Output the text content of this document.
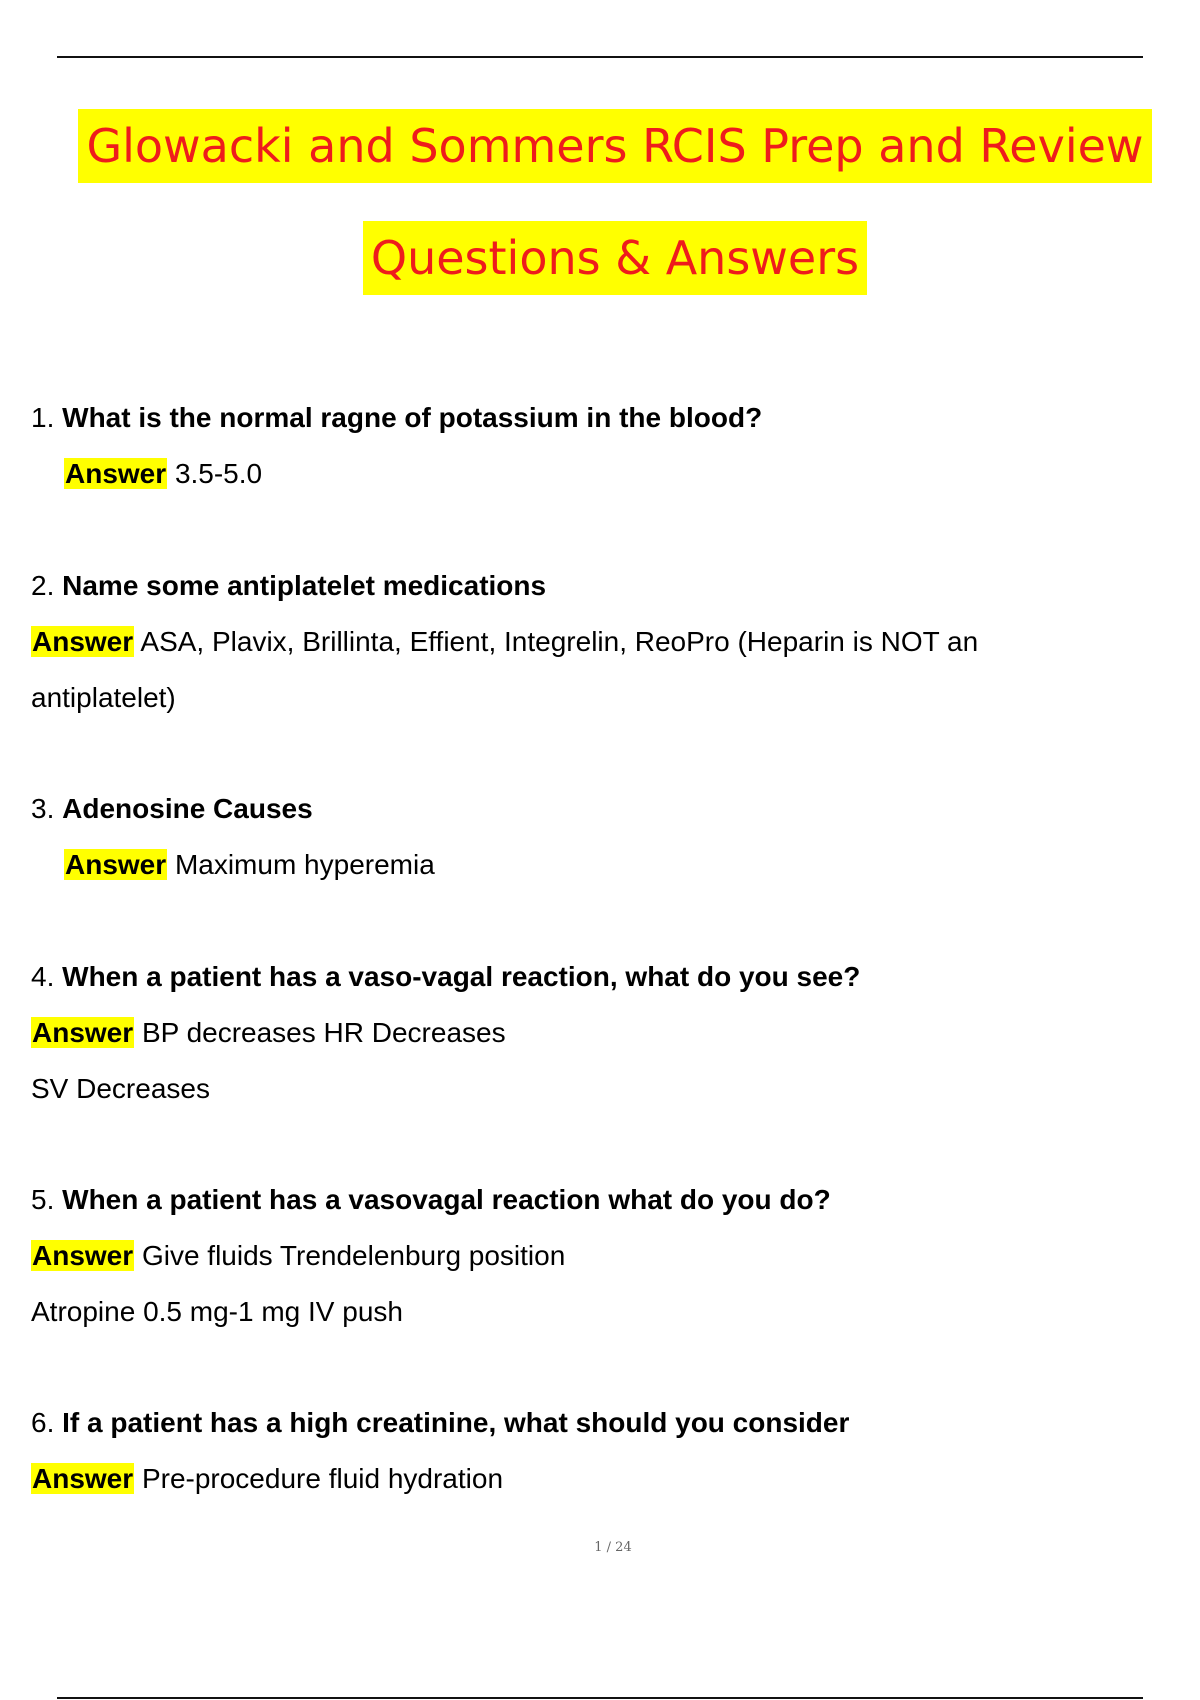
Glowacki and Sommers RCIS Prep and Review
Questions & Answers
1. What is the normal ragne of potassium in the blood?
Answer 3.5-5.0
2. Name some antiplatelet medications
Answer ASA, Plavix, Brillinta, Effient, Integrelin, ReoPro (Heparin is NOT an
antiplatelet)
3. Adenosine Causes
Answer Maximum hyperemia
4. When a patient has a vaso-vagal reaction, what do you see?
Answer BP decreases HR Decreases
SV Decreases
5. When a patient has a vasovagal reaction what do you do?
Answer Give fluids Trendelenburg position
Atropine 0.5 mg-1 mg IV push
6. If a patient has a high creatinine, what should you consider
Answer Pre-procedure fluid hydration
1 / 24
